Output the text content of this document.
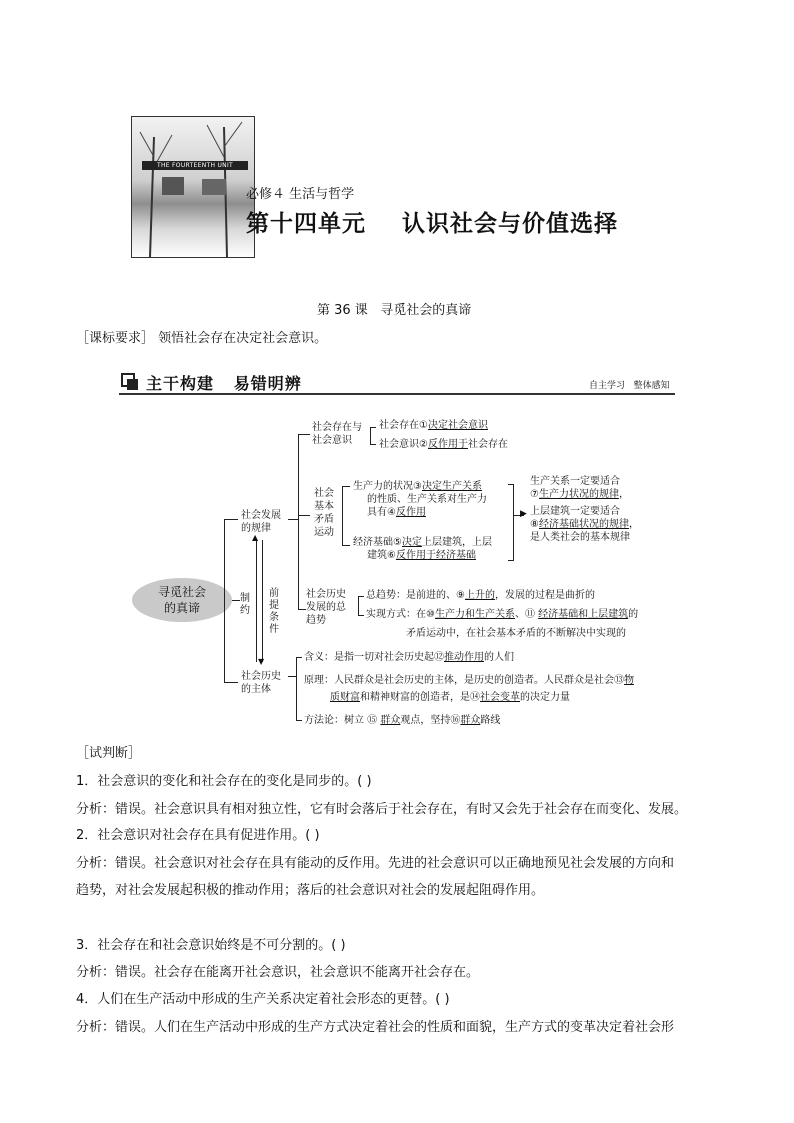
THE FOURTEENTH UNIT
必修４ 生活与哲学
第十四单元    认识社会与价值选择
第 36 课   寻觅社会的真谛
［课标要求］ 领悟社会存在决定社会意识。
主干构建   易错明辨	自主学习   整体感知
寻觅社会
的真谛
社会发展
的规律
▲
▼
制
约
前提条件
社会历史
的主体
社会存在与
社会意识
社会存在①决定社会意识
社会意识②反作用于社会存在
社会
基本
矛盾
运动
生产力的状况③决定生产关系
的性质、生产关系对生产力
具有④反作用
经济基础⑤决定上层建筑，上层
建筑⑥反作用于经济基础
▶
生产关系一定要适合
⑦生产力状况的规律，
上层建筑一定要适合
⑧经济基础状况的规律，
是人类社会的基本规律
社会历史
发展的总
趋势
总趋势：是前进的、⑨上升的，发展的过程是曲折的
实现方式：在⑩生产力和生产关系、⑪ 经济基础和上层建筑的
矛盾运动中，在社会基本矛盾的不断解决中实现的
含义：是指一切对社会历史起⑫推动作用的人们
原理：人民群众是社会历史的主体，是历史的创造者。人民群众是社会⑬物
质财富和精神财富的创造者，是⑭社会变革的决定力量
方法论：树立 ⑮ 群众观点，坚持⑯群众路线
［试判断］
1．社会意识的变化和社会存在的变化是同步的。( )
分析：错误。社会意识具有相对独立性，它有时会落后于社会存在，有时又会先于社会存在而变化、发展。
2．社会意识对社会存在具有促进作用。( )
分析：错误。社会意识对社会存在具有能动的反作用。先进的社会意识可以正确地预见社会发展的方向和
趋势，对社会发展起积极的推动作用；落后的社会意识对社会的发展起阻碍作用。
3．社会存在和社会意识始终是不可分割的。( )
分析：错误。社会存在能离开社会意识，社会意识不能离开社会存在。
4．人们在生产活动中形成的生产关系决定着社会形态的更替。( )
分析：错误。人们在生产活动中形成的生产方式决定着社会的性质和面貌，生产方式的变革决定着社会形
